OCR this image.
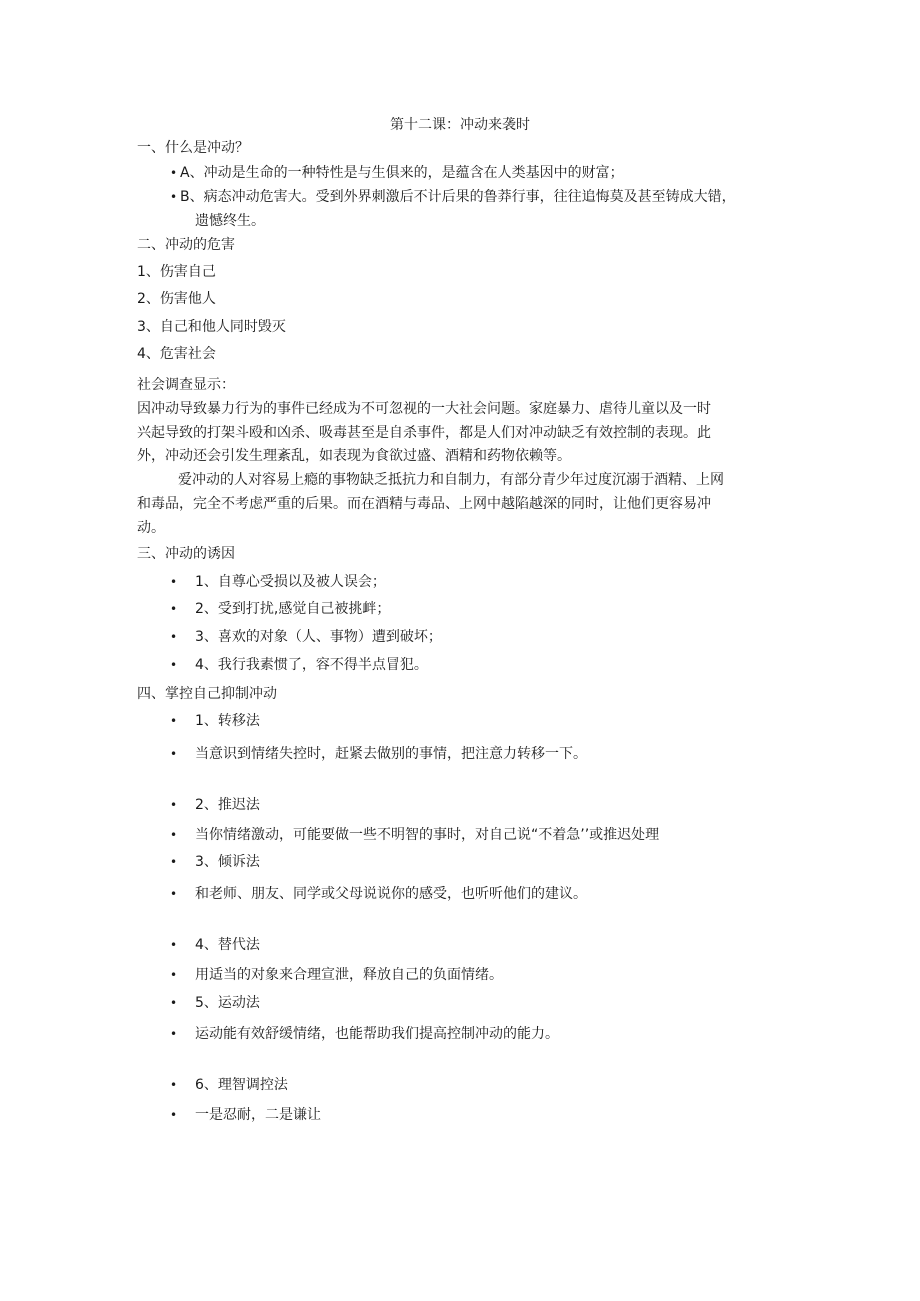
第十二课：冲动来袭时
一、什么是冲动？
• A、冲动是生命的一种特性是与生俱来的，是蕴含在人类基因中的财富；
• B、病态冲动危害大。受到外界刺激后不计后果的鲁莽行事，往往追悔莫及甚至铸成大错，
遗憾终生。
二、冲动的危害
1、伤害自己
2、伤害他人
3、自己和他人同时毁灭
4、危害社会
社会调查显示：
因冲动导致暴力行为的事件已经成为不可忽视的一大社会问题。家庭暴力、虐待儿童以及一时
兴起导致的打架斗殴和凶杀、吸毒甚至是自杀事件，都是人们对冲动缺乏有效控制的表现。此
外，冲动还会引发生理紊乱，如表现为食欲过盛、酒精和药物依赖等。
爱冲动的人对容易上瘾的事物缺乏抵抗力和自制力，有部分青少年过度沉溺于酒精、上网
和毒品，完全不考虑严重的后果。而在酒精与毒品、上网中越陷越深的同时，让他们更容易冲
动。
三、冲动的诱因
• 1、自尊心受损以及被人误会；
• 2、受到打扰,感觉自己被挑衅；
• 3、喜欢的对象（人、事物）遭到破坏；
• 4、我行我素惯了，容不得半点冒犯。
四、掌控自己抑制冲动
• 1、转移法
• 当意识到情绪失控时，赶紧去做别的事情，把注意力转移一下。
• 2、推迟法
• 当你情绪激动，可能要做一些不明智的事时，对自己说“不着急’’或推迟处理
• 3、倾诉法
• 和老师、朋友、同学或父母说说你的感受，也听听他们的建议。
• 4、替代法
• 用适当的对象来合理宣泄，释放自己的负面情绪。
• 5、运动法
• 运动能有效舒缓情绪，也能帮助我们提高控制冲动的能力。
• 6、理智调控法
• 一是忍耐，二是谦让
